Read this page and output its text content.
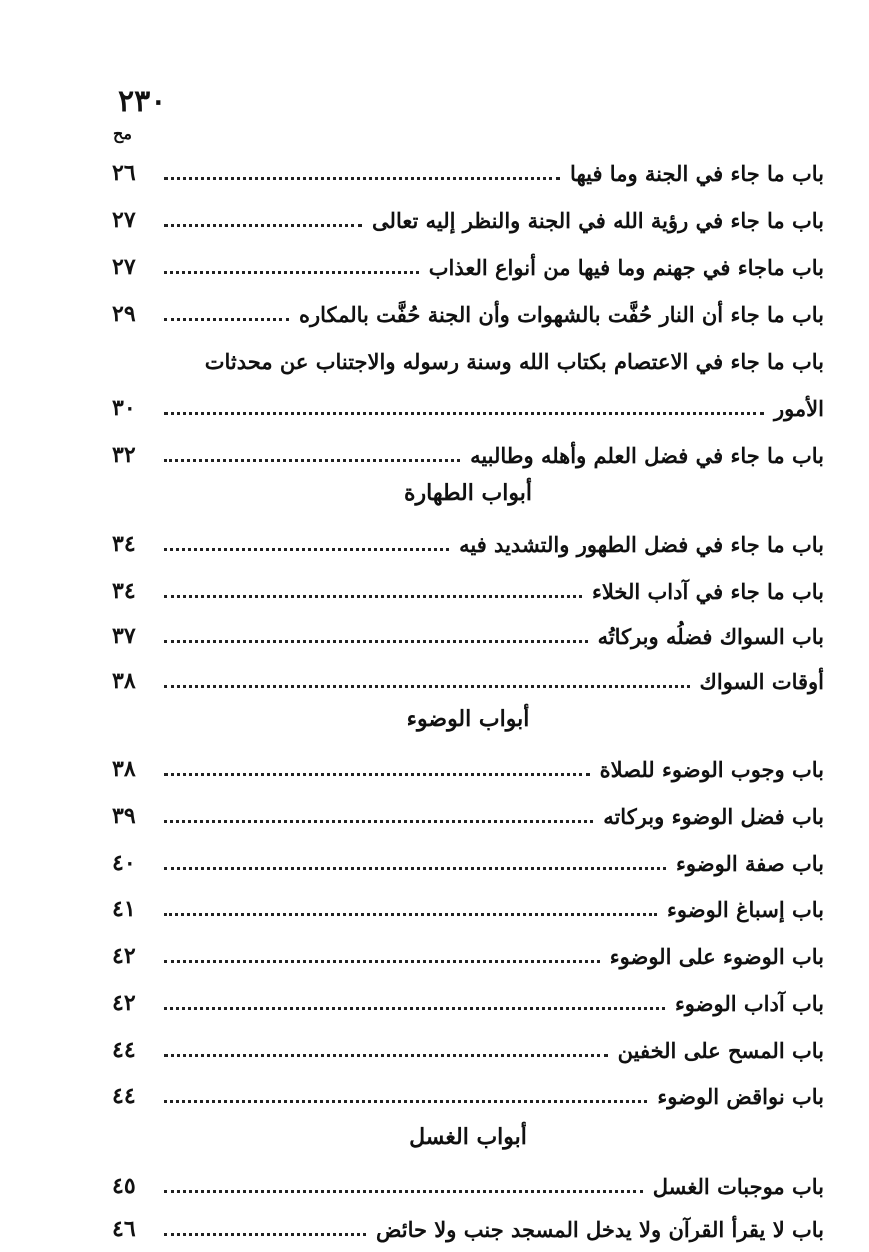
٢٣٠
ﻣﺢ
باب ما جاء في الجنة وما فيها
٢٦
باب ما جاء في رؤية الله في الجنة والنظر إليه تعالى
٢٧
باب ماجاء في جهنم وما فيها من أنواع العذاب
٢٧
باب ما جاء أن النار حُفَّت بالشهوات وأن الجنة حُفَّت بالمكاره
٢٩
باب ما جاء في الاعتصام بكتاب الله وسنة رسوله والاجتناب عن محدثات
الأمور
٣٠
باب ما جاء في فضل العلم وأهله وطالبيه
٣٢
أبواب الطهارة
باب ما جاء في فضل الطهور والتشديد فيه
٣٤
باب ما جاء في آداب الخلاء
٣٤
باب السواك فضلُه وبركاتُه
٣٧
أوقات السواك
٣٨
أبواب الوضوء
باب وجوب الوضوء للصلاة
٣٨
باب فضل الوضوء وبركاته
٣٩
باب صفة الوضوء
٤٠
باب إسباغ الوضوء
٤١
باب الوضوء على الوضوء
٤٢
باب آداب الوضوء
٤٢
باب المسح على الخفين
٤٤
باب نواقض الوضوء
٤٤
أبواب الغسل
باب موجبات الغسل
٤٥
باب لا يقرأ القرآن ولا يدخل المسجد جنب ولا حائض
٤٦
